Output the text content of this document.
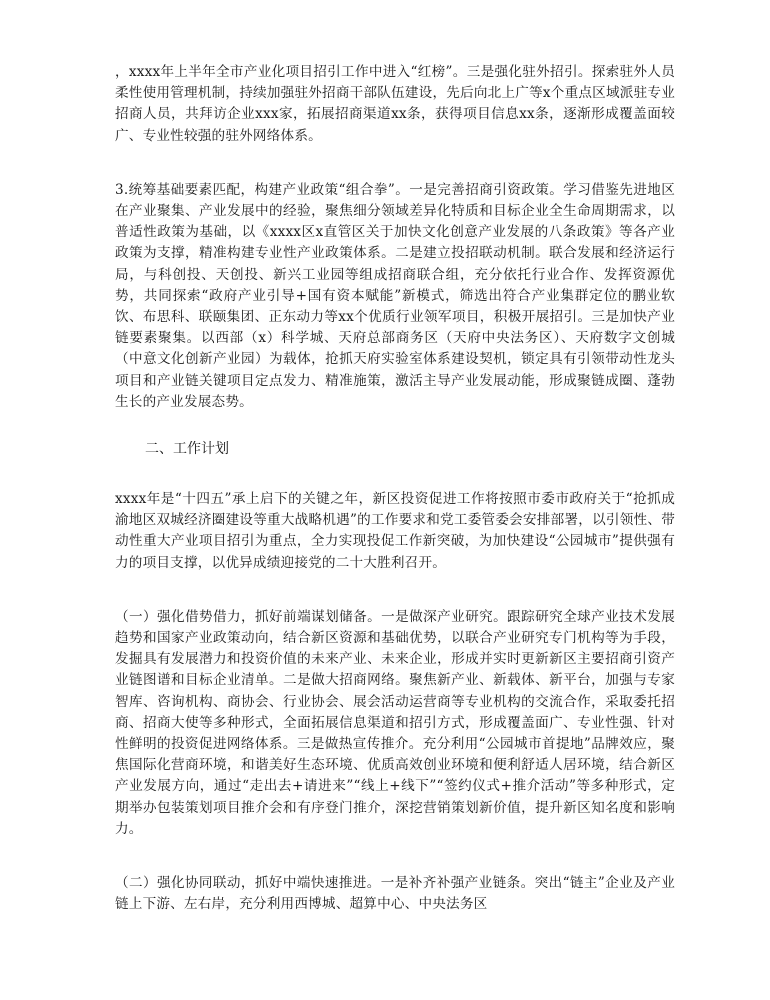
，xxxx年上半年全市产业化项目招引工作中进入“红榜”。三是强化驻外招引。探索驻外人员柔性使用管理机制，持续加强驻外招商干部队伍建设，先后向北上广等x个重点区域派驻专业招商人员，共拜访企业xxx家，拓展招商渠道xx条，获得项目信息xx条，逐渐形成覆盖面较广、专业性较强的驻外网络体系。

3.统筹基础要素匹配，构建产业政策“组合拳”。一是完善招商引资政策。学习借鉴先进地区在产业聚集、产业发展中的经验，聚焦细分领域差异化特质和目标企业全生命周期需求，以普适性政策为基础，以《xxxx区x直管区关于加快文化创意产业发展的八条政策》等各产业政策为支撑，精准构建专业性产业政策体系。二是建立投招联动机制。联合发展和经济运行局，与科创投、天创投、新兴工业园等组成招商联合组，充分依托行业合作、发挥资源优势，共同探索“政府产业引导+国有资本赋能”新模式，筛选出符合产业集群定位的鹏业软饮、布思科、联颐集团、正东动力等xx个优质行业领军项目，积极开展招引。三是加快产业链要素聚集。以西部（x）科学城、天府总部商务区（天府中央法务区）、天府数字文创城（中意文化创新产业园）为载体，抢抓天府实验室体系建设契机，锁定具有引领带动性龙头项目和产业链关键项目定点发力、精准施策，激活主导产业发展动能，形成聚链成圈、蓬勃生长的产业发展态势。

二、工作计划

xxxx年是“十四五”承上启下的关键之年，新区投资促进工作将按照市委市政府关于“抢抓成渝地区双城经济圈建设等重大战略机遇”的工作要求和党工委管委会安排部署，以引领性、带动性重大产业项目招引为重点，全力实现投促工作新突破，为加快建设“公园城市”提供强有力的项目支撑，以优异成绩迎接党的二十大胜利召开。

（一）强化借势借力，抓好前端谋划储备。一是做深产业研究。跟踪研究全球产业技术发展趋势和国家产业政策动向，结合新区资源和基础优势，以联合产业研究专门机构等为手段，发掘具有发展潜力和投资价值的未来产业、未来企业，形成并实时更新新区主要招商引资产业链图谱和目标企业清单。二是做大招商网络。聚焦新产业、新载体、新平台，加强与专家智库、咨询机构、商协会、行业协会、展会活动运营商等专业机构的交流合作，采取委托招商、招商大使等多种形式，全面拓展信息渠道和招引方式，形成覆盖面广、专业性强、针对性鲜明的投资促进网络体系。三是做热宣传推介。充分利用“公园城市首提地”品牌效应，聚焦国际化营商环境，和谐美好生态环境、优质高效创业环境和便利舒适人居环境，结合新区产业发展方向，通过“走出去+请进来”“线上+线下”“签约仪式+推介活动”等多种形式，定期举办包装策划项目推介会和有序登门推介，深挖营销策划新价值，提升新区知名度和影响力。

（二）强化协同联动，抓好中端快速推进。一是补齐补强产业链条。突出“链主”企业及产业链上下游、左右岸，充分利用西博城、超算中心、中央法务区
